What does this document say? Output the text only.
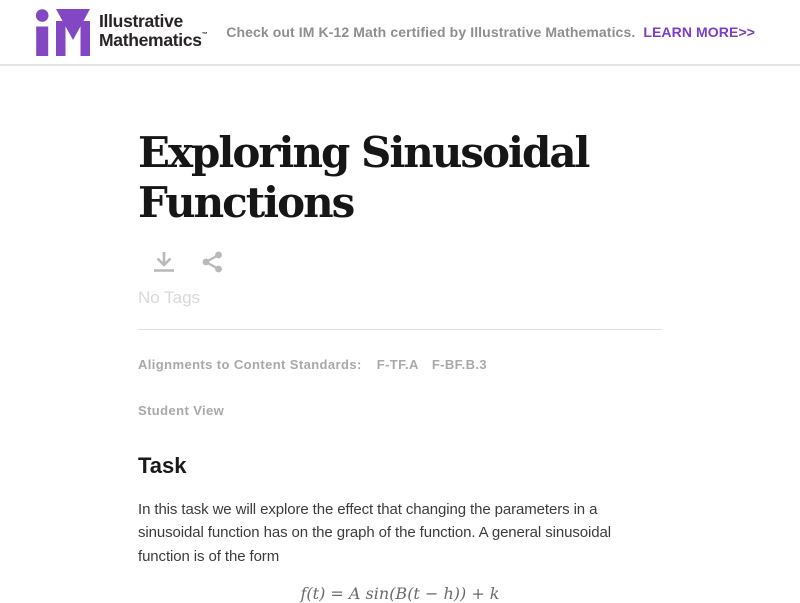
Illustrative
Mathematics™ Check out IM K-12 Math certified by Illustrative Mathematics. LEARN MORE>>
Exploring Sinusoidal Functions
No Tags
Alignments to Content Standards: F-TF.A F-BF.B.3
Student View
Task

In this task we will explore the effect that changing the parameters in a sinusoidal function has on the graph of the function. A general sinusoidal function is of the form

f(t) = A sin(B(t − h)) + k
